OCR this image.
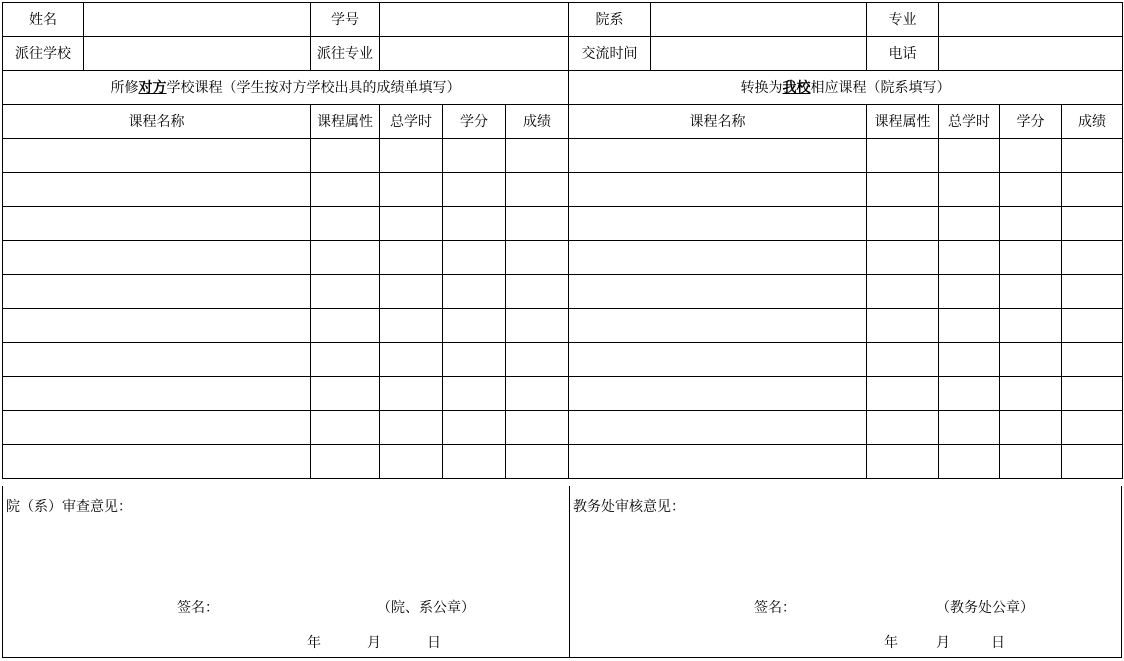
姓名		学号				院系		专业			
派往学校		派往专业				交流时间		电话			
所修对方学校课程（学生按对方学校出具的成绩单填写）						转换为我校相应课程（院系填写）					
课程名称		课程属性	总学时	学分	成绩	课程名称		课程属性	总学时	学分	成绩

院（系）审查意见：
签名：	（院、系公章）
年	月	日
教务处审核意见：
签名：	（教务处公章）
年	月	日
